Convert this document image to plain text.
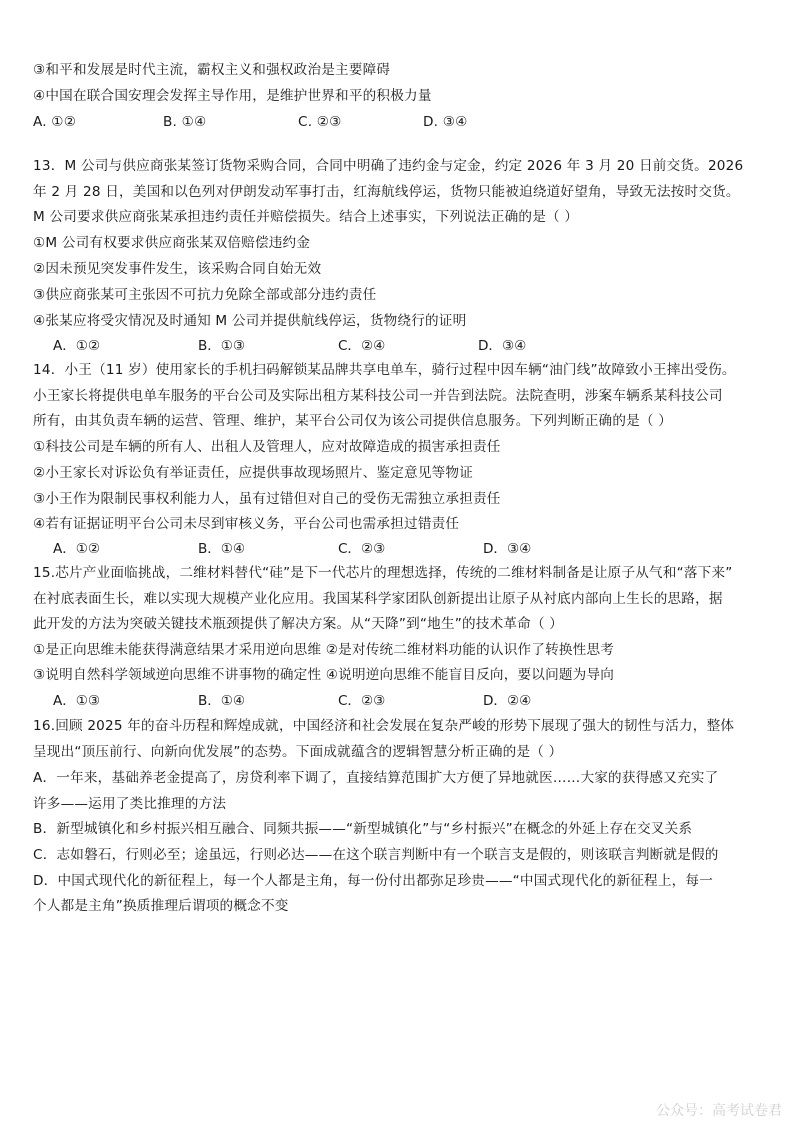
③和平和发展是时代主流，霸权主义和强权政治是主要障碍
④中国在联合国安理会发挥主导作用，是维护世界和平的积极力量
A. ①②	B. ①④	C. ②③	D. ③④
13．M 公司与供应商张某签订货物采购合同，合同中明确了违约金与定金，约定 2026 年 3 月 20 日前交货。2026
年 2 月 28 日，美国和以色列对伊朗发动军事打击，红海航线停运，货物只能被迫绕道好望角，导致无法按时交货。
M 公司要求供应商张某承担违约责任并赔偿损失。结合上述事实，下列说法正确的是（ ）
①M 公司有权要求供应商张某双倍赔偿违约金
②因未预见突发事件发生，该采购合同自始无效
③供应商张某可主张因不可抗力免除全部或部分违约责任
④张某应将受灾情况及时通知 M 公司并提供航线停运，货物绕行的证明
A．①②	B．①③	C．②④	D．③④
14．小王（11 岁）使用家长的手机扫码解锁某品牌共享电单车，骑行过程中因车辆“油门线”故障致小王摔出受伤。
小王家长将提供电单车服务的平台公司及实际出租方某科技公司一并告到法院。法院查明，涉案车辆系某科技公司
所有，由其负责车辆的运营、管理、维护，某平台公司仅为该公司提供信息服务。下列判断正确的是（ ）
①科技公司是车辆的所有人、出租人及管理人，应对故障造成的损害承担责任
②小王家长对诉讼负有举证责任，应提供事故现场照片、鉴定意见等物证
③小王作为限制民事权利能力人，虽有过错但对自己的受伤无需独立承担责任
④若有证据证明平台公司未尽到审核义务，平台公司也需承担过错责任
A．①②	B．①④	C．②③	D．③④
15.芯片产业面临挑战，二维材料替代“硅”是下一代芯片的理想选择，传统的二维材料制备是让原子从气和“落下来”
在衬底表面生长，难以实现大规模产业化应用。我国某科学家团队创新提出让原子从衬底内部向上生长的思路，据
此开发的方法为突破关键技术瓶颈提供了解决方案。从“天降”到“地生”的技术革命（ ）
①是正向思维未能获得满意结果才采用逆向思维 ②是对传统二维材料功能的认识作了转换性思考
③说明自然科学领域逆向思维不讲事物的确定性 ④说明逆向思维不能盲目反向，要以问题为导向
A．①③	B．①④	C．②③	D．②④
16.回顾 2025 年的奋斗历程和辉煌成就，中国经济和社会发展在复杂严峻的形势下展现了强大的韧性与活力，整体
呈现出“顶压前行、向新向优发展”的态势。下面成就蕴含的逻辑智慧分析正确的是（ ）
A．一年来，基础养老金提高了，房贷利率下调了，直接结算范围扩大方便了异地就医……大家的获得感又充实了
许多——运用了类比推理的方法
B．新型城镇化和乡村振兴相互融合、同频共振——“新型城镇化”与“乡村振兴”在概念的外延上存在交叉关系
C．志如磐石，行则必至；途虽远，行则必达——在这个联言判断中有一个联言支是假的，则该联言判断就是假的
D．中国式现代化的新征程上，每一个人都是主角，每一份付出都弥足珍贵——“中国式现代化的新征程上，每一
个人都是主角”换质推理后谓项的概念不变
公众号：高考试卷君
